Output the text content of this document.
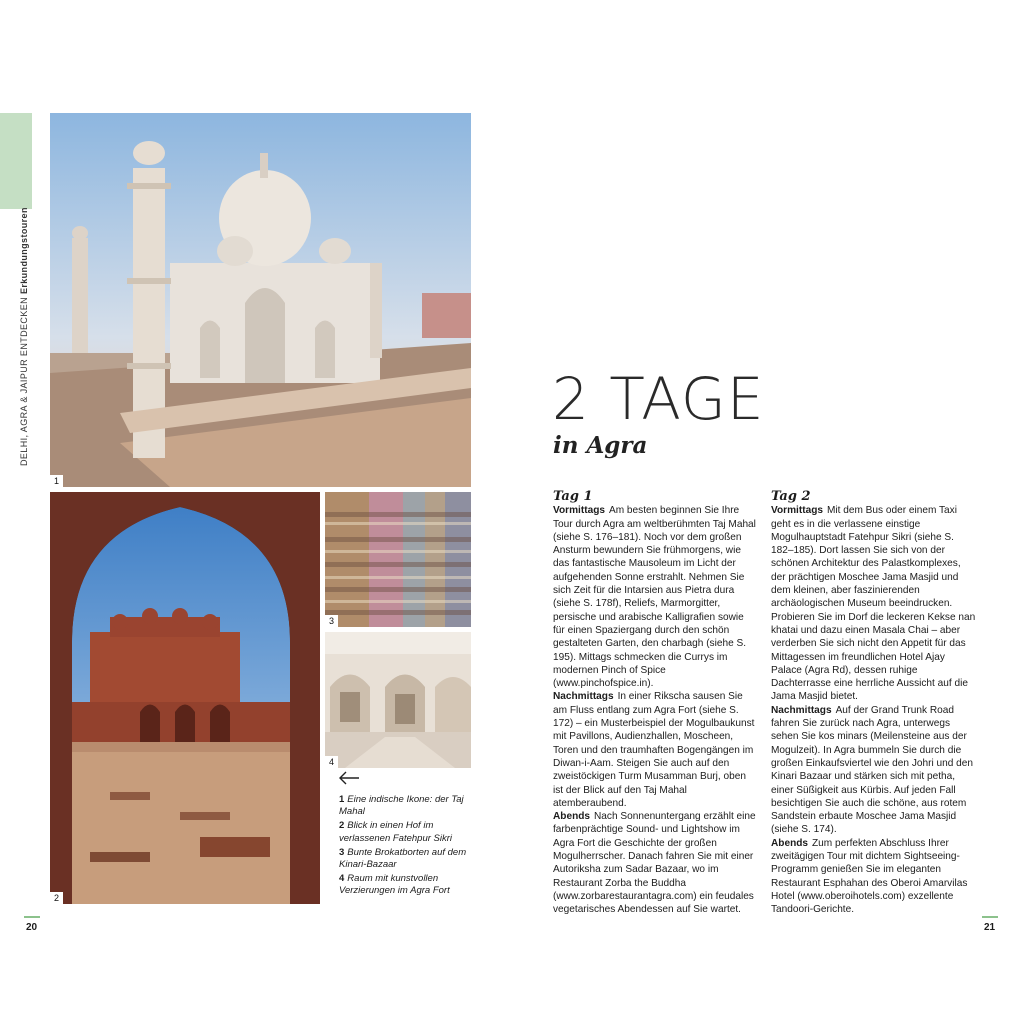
DELHI, AGRA & JAIPUR ENTDECKEN Erkundungstouren
1
2
3
4
1 Eine indische Ikone: der Taj Mahal
2 Blick in einen Hof im verlassenen Fatehpur Sikri
3 Bunte Brokatborten auf dem Kinari-Bazaar
4 Raum mit kunstvollen Verzierungen im Agra Fort
2 TAGE
in Agra
Tag 1

Vormittags Am besten beginnen Sie Ihre Tour durch Agra am weltberühmten Taj Mahal (siehe S. 176–181). Noch vor dem großen Ansturm bewundern Sie frühmorgens, wie das fantastische Mausoleum im Licht der aufgehenden Sonne erstrahlt. Nehmen Sie sich Zeit für die Intarsien aus Pietra dura (siehe S. 178f), Reliefs, Marmorgitter, persische und arabische Kalligrafien sowie für einen Spaziergang durch den schön gestalteten Garten, den charbagh (siehe S. 195). Mittags schmecken die Currys im modernen Pinch of Spice (www.pinchofspice.in).

Nachmittags In einer Rikscha sausen Sie am Fluss entlang zum Agra Fort (siehe S. 172) – ein Musterbeispiel der Mogulbaukunst mit Pavillons, Audienzhallen, Moscheen, Toren und den traumhaften Bogengängen im Diwan-i-Aam. Steigen Sie auch auf den zweistöckigen Turm Musamman Burj, oben ist der Blick auf den Taj Mahal atemberaubend.

Abends Nach Sonnenuntergang erzählt eine farbenprächtige Sound- und Lightshow im Agra Fort die Geschichte der großen Mogulherrscher. Danach fahren Sie mit einer Autoriksha zum Sadar Bazaar, wo im Restaurant Zorba the Buddha (www.zorbarestaurantagra.com) ein feudales vegetarisches Abendessen auf Sie wartet.

Tag 2

Vormittags Mit dem Bus oder einem Taxi geht es in die verlassene einstige Mogulhauptstadt Fatehpur Sikri (siehe S. 182–185). Dort lassen Sie sich von der schönen Architektur des Palastkomplexes, der prächtigen Moschee Jama Masjid und dem kleinen, aber faszinierenden archäologischen Museum beeindrucken. Probieren Sie im Dorf die leckeren Kekse nan khatai und dazu einen Masala Chai – aber verderben Sie sich nicht den Appetit für das Mittagessen im freundlichen Hotel Ajay Palace (Agra Rd), dessen ruhige Dachterrasse eine herrliche Aussicht auf die Jama Masjid bietet.

Nachmittags Auf der Grand Trunk Road fahren Sie zurück nach Agra, unterwegs sehen Sie kos minars (Meilensteine aus der Mogulzeit). In Agra bummeln Sie durch die großen Einkaufsviertel wie den Johri und den Kinari Bazaar und stärken sich mit petha, einer Süßigkeit aus Kürbis. Auf jeden Fall besichtigen Sie auch die schöne, aus rotem Sandstein erbaute Moschee Jama Masjid (siehe S. 174).

Abends Zum perfekten Abschluss Ihrer zweitägigen Tour mit dichtem Sightseeing-Programm genießen Sie im eleganten Restaurant Esphahan des Oberoi Amarvilas Hotel (www.oberoihotels.com) exzellente Tandoori-Gerichte.

20	21
